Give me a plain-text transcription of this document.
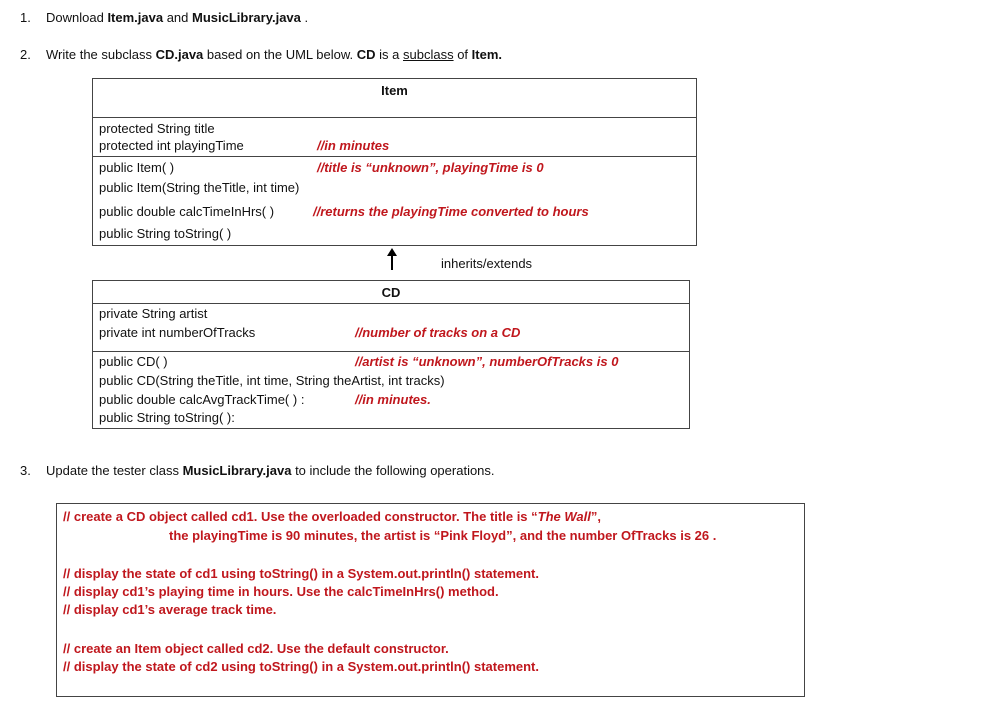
1. Download Item.java and MusicLibrary.java .
2. Write the subclass CD.java based on the UML below. CD is a subclass of Item.
Item
protected String title
protected int playingTime	//in minutes
public Item( )	//title is “unknown”, playingTime is 0
public Item(String theTitle, int time)
public double calcTimeInHrs( )	//returns the playingTime converted to hours
public String toString( )
inherits/extends
CD
private String artist
private int numberOfTracks	//number of tracks on a CD
public CD( )	//artist is “unknown”, numberOfTracks is 0
public CD(String theTitle, int time, String theArtist, int tracks)
public double calcAvgTrackTime( ) :	//in minutes.
public String toString( ):
3. Update the tester class MusicLibrary.java to include the following operations.
// create a CD object called cd1. Use the overloaded constructor. The title is “The Wall”,
the playingTime is 90 minutes, the artist is “Pink Floyd”, and the number OfTracks is 26 .
// display the state of cd1 using toString() in a System.out.println() statement.
// display cd1’s playing time in hours. Use the calcTimeInHrs() method.
// display cd1’s average track time.
// create an Item object called cd2. Use the default constructor.
// display the state of cd2 using toString() in a System.out.println() statement.
